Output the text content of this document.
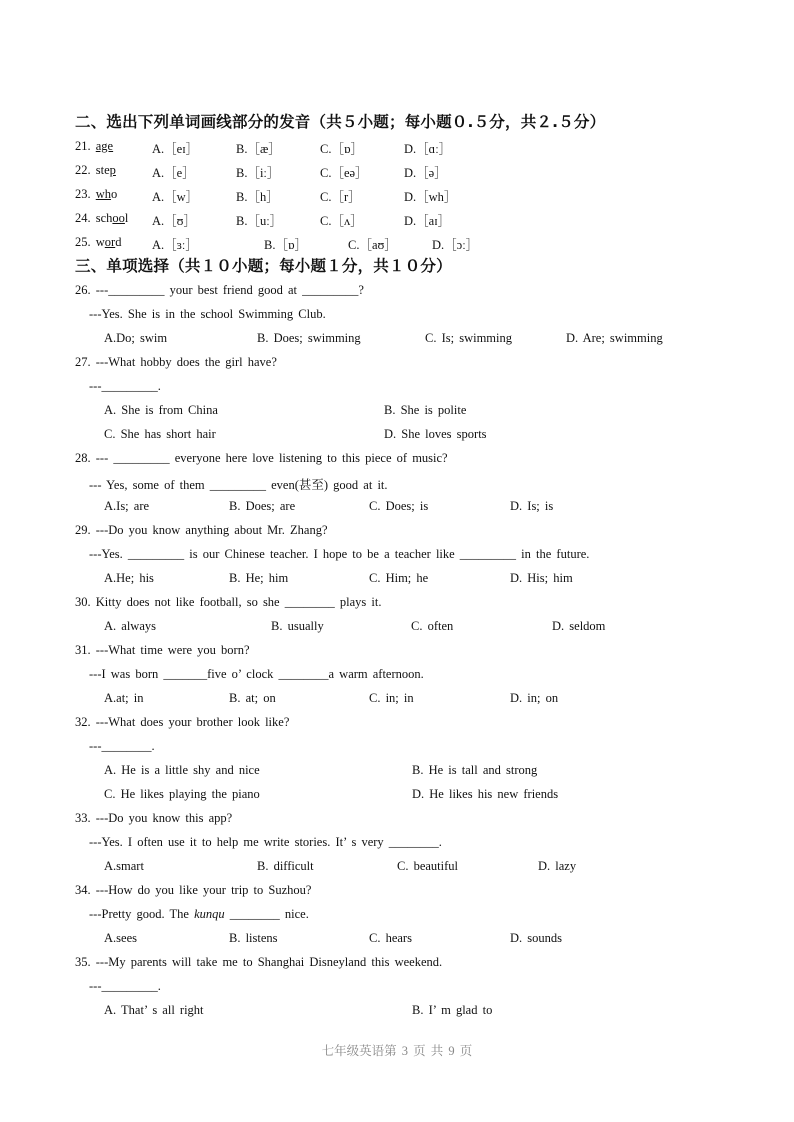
二、选出下列单词画线部分的发音（共５小题；每小题０.５分，共２.５分）
21. age	A.［eɪ］	B.［æ］	C.［ɒ］	D.［ɑː］
22. step	A.［e］	B.［iː］	C.［eə］	D.［ə］
23. who	A.［w］	B.［h］	C.［r］	D.［wh］
24. school A.［ʊ］	B.［uː］	C.［ʌ］	D.［aɪ］
25. word A.［ɜː］	B.［ɒ］	C.［aʊ］	D.［ɔː］
三、单项选择（共１０小题；每小题１分，共１０分）
26. ---_________ your best friend good at _________?
---Yes. She is in the school Swimming Club.
A.Do; swim	B. Does; swimming	C. Is; swimming	D. Are; swimming
27. ---What hobby does the girl have?
---_________.
A. She is from China	B. She is polite
C. She has short hair	D. She loves sports
28. --- _________ everyone here love listening to this piece of music?
--- Yes, some of them _________ even(甚至) good at it.
A.Is; are	B. Does; are	C. Does; is	D. Is; is
29. ---Do you know anything about Mr. Zhang?
---Yes. _________ is our Chinese teacher. I hope to be a teacher like _________ in the future.
A.He; his	B. He; him	C. Him; he	D. His; him
30. Kitty does not like football, so she ________ plays it.
A. always	B. usually	C. often	D. seldom
31. ---What time were you born?
---I was born _______five o’ clock ________a warm afternoon.
A.at; in	B. at; on	C. in; in	D. in; on
32. ---What does your brother look like?
---________.
A. He is a little shy and nice	B. He is tall and strong
C. He likes playing the piano	D. He likes his new friends
33. ---Do you know this app?
---Yes. I often use it to help me write stories. It’ s very ________.
A.smart	B. difficult	C. beautiful	D. lazy
34. ---How do you like your trip to Suzhou?
---Pretty good. The kunqu ________ nice.
A.sees	B. listens	C. hears	D. sounds
35. ---My parents will take me to Shanghai Disneyland this weekend.
---_________.
A. That’ s all right	B. I’ m glad to
七年级英语第 3 页 共 9 页
